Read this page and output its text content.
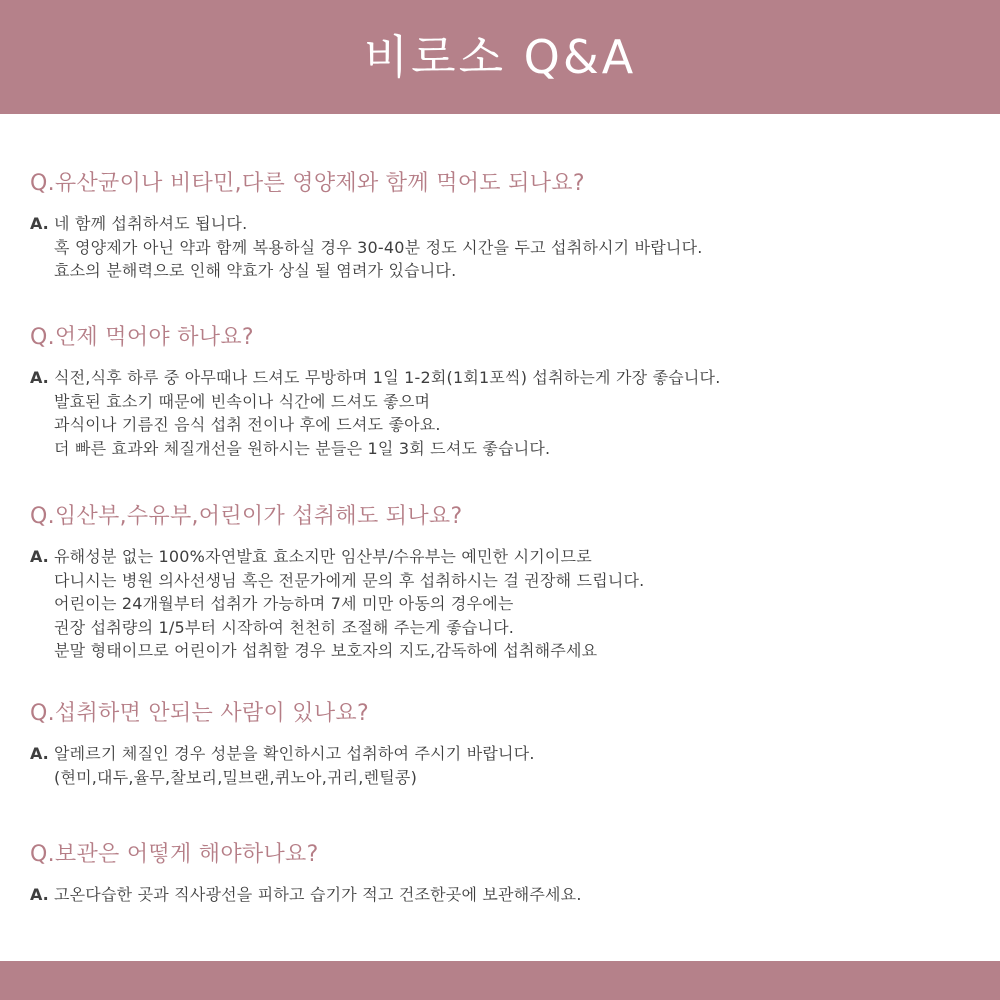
비로소 Q&A
Q.유산균이나 비타민,다른 영양제와 함께 먹어도 되나요?
A. 네 함께 섭취하셔도 됩니다.
혹 영양제가 아닌 약과 함께 복용하실 경우 30-40분 정도 시간을 두고 섭취하시기 바랍니다.
효소의 분해력으로 인해 약효가 상실 될 염려가 있습니다.
Q.언제 먹어야 하나요?
A. 식전,식후 하루 중 아무때나 드셔도 무방하며 1일 1-2회(1회1포씩) 섭취하는게 가장 좋습니다.
발효된 효소기 때문에 빈속이나 식간에 드셔도 좋으며
과식이나 기름진 음식 섭취 전이나 후에 드셔도 좋아요.
더 빠른 효과와 체질개선을 원하시는 분들은 1일 3회 드셔도 좋습니다.
Q.임산부,수유부,어린이가 섭취해도 되나요?
A. 유해성분 없는 100%자연발효 효소지만 임산부/수유부는 예민한 시기이므로
다니시는 병원 의사선생님 혹은 전문가에게 문의 후 섭취하시는 걸 권장해 드립니다.
어린이는 24개월부터 섭취가 가능하며 7세 미만 아동의 경우에는
권장 섭취량의 1/5부터 시작하여 천천히 조절해 주는게 좋습니다.
분말 형태이므로 어린이가 섭취할 경우 보호자의 지도,감독하에 섭취해주세요
Q.섭취하면 안되는 사람이 있나요?
A. 알레르기 체질인 경우 성분을 확인하시고 섭취하여 주시기 바랍니다.
(현미,대두,율무,찰보리,밀브랜,퀴노아,귀리,렌틸콩)
Q.보관은 어떻게 해야하나요?
A. 고온다습한 곳과 직사광선을 피하고 습기가 적고 건조한곳에 보관해주세요.
